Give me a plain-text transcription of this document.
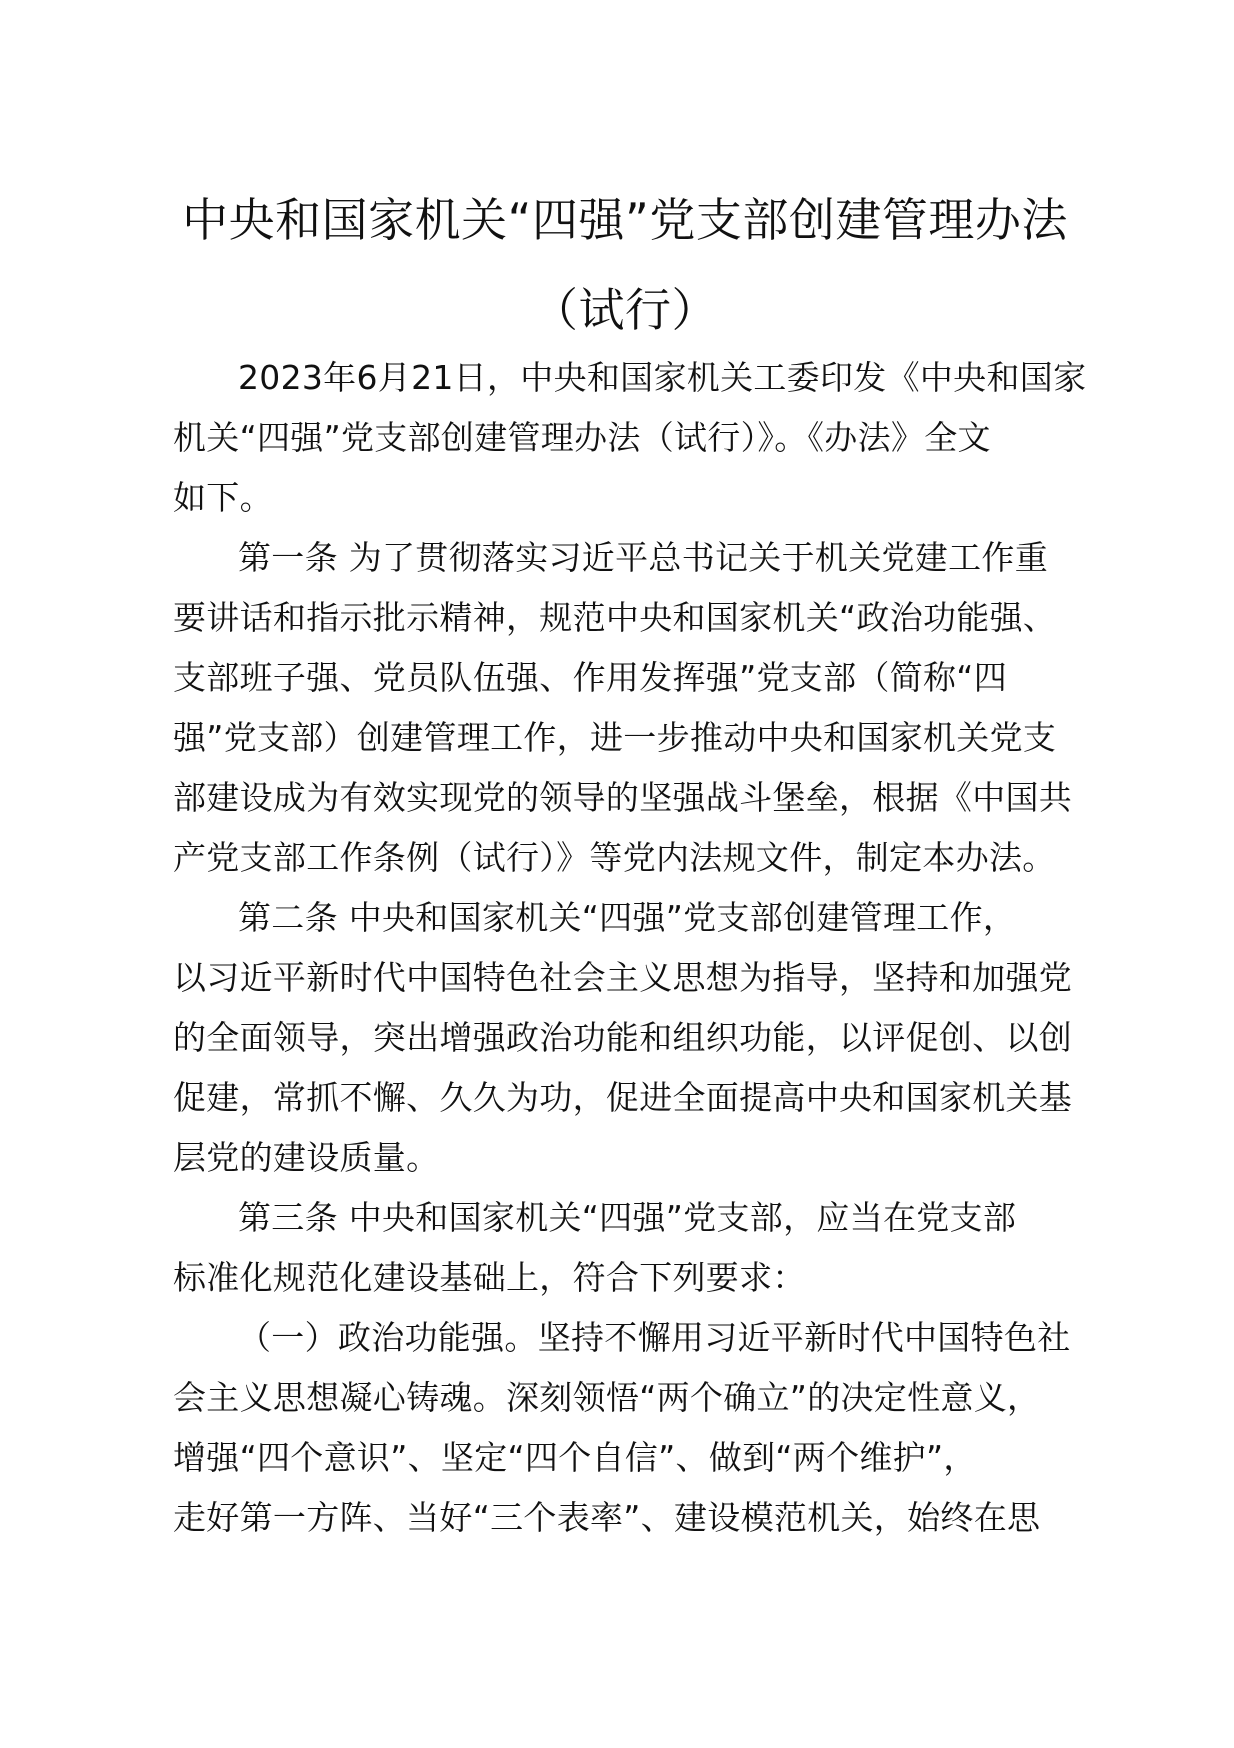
中央和国家机关“四强”党支部创建管理办法
（试行）
2023年6月21日，中央和国家机关工委印发《中央和国家
机关“四强”党支部创建管理办法（试行）》。《办法》全文
如下。
第一条 为了贯彻落实习近平总书记关于机关党建工作重
要讲话和指示批示精神，规范中央和国家机关“政治功能强、
支部班子强、党员队伍强、作用发挥强”党支部（简称“四
强”党支部）创建管理工作，进一步推动中央和国家机关党支
部建设成为有效实现党的领导的坚强战斗堡垒，根据《中国共
产党支部工作条例（试行）》等党内法规文件，制定本办法。
第二条 中央和国家机关“四强”党支部创建管理工作，
以习近平新时代中国特色社会主义思想为指导，坚持和加强党
的全面领导，突出增强政治功能和组织功能，以评促创、以创
促建，常抓不懈、久久为功，促进全面提高中央和国家机关基
层党的建设质量。
第三条 中央和国家机关“四强”党支部，应当在党支部
标准化规范化建设基础上，符合下列要求：
（一）政治功能强。坚持不懈用习近平新时代中国特色社
会主义思想凝心铸魂。深刻领悟“两个确立”的决定性意义，
增强“四个意识”、坚定“四个自信”、做到“两个维护”，
走好第一方阵、当好“三个表率”、建设模范机关，始终在思
